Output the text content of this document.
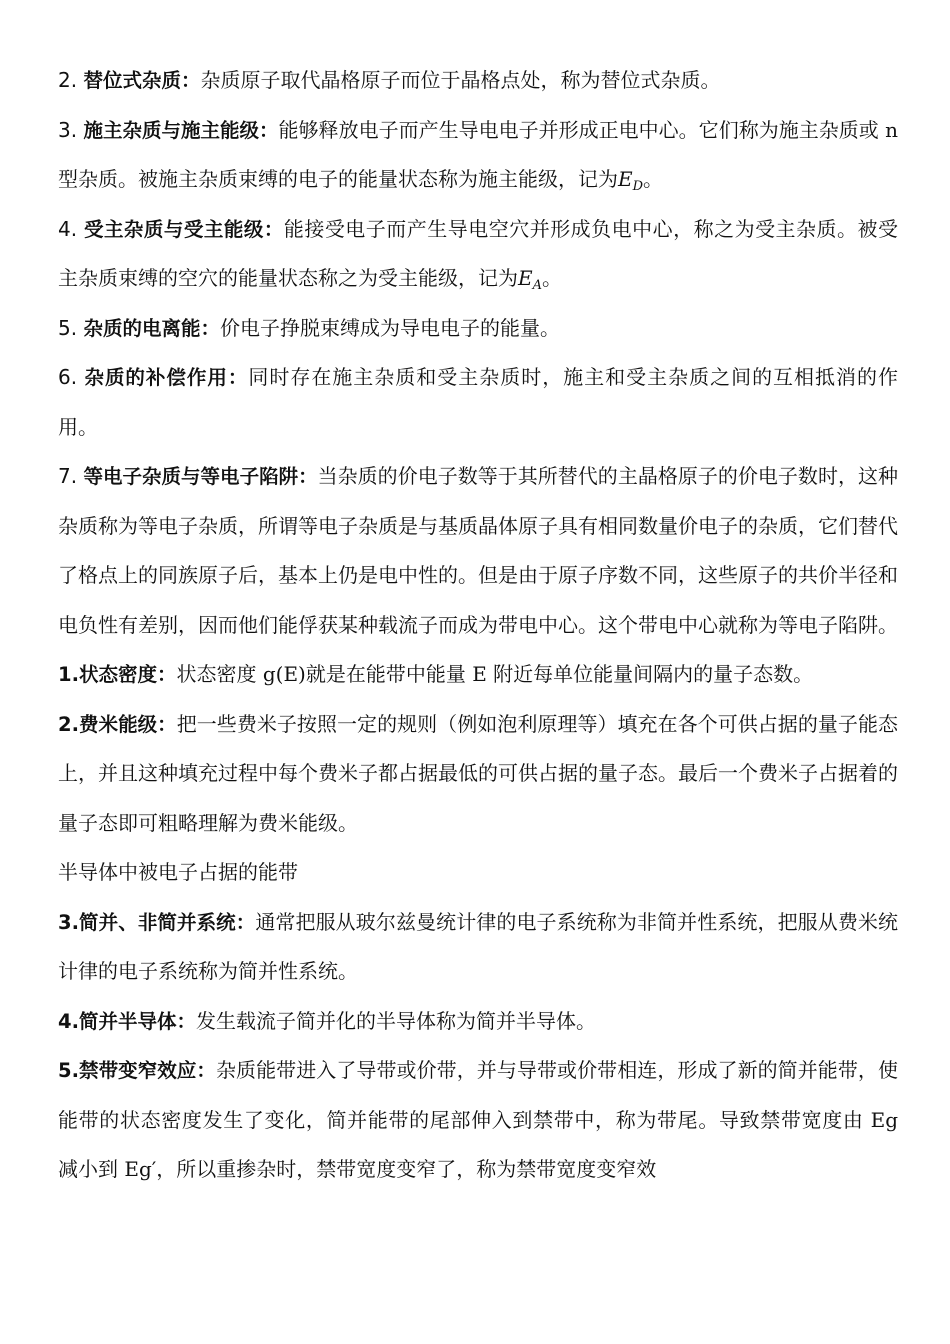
2. 替位式杂质：杂质原子取代晶格原子而位于晶格点处，称为替位式杂质。

3. 施主杂质与施主能级：能够释放电子而产生导电电子并形成正电中心。它们称为施主杂质或 n 型杂质。被施主杂质束缚的电子的能量状态称为施主能级，记为$E_D$。

4. 受主杂质与受主能级：能接受电子而产生导电空穴并形成负电中心，称之为受主杂质。被受主杂质束缚的空穴的能量状态称之为受主能级，记为$E_A$。

5. 杂质的电离能：价电子挣脱束缚成为导电电子的能量。

6. 杂质的补偿作用：同时存在施主杂质和受主杂质时，施主和受主杂质之间的互相抵消的作用。

7. 等电子杂质与等电子陷阱：当杂质的价电子数等于其所替代的主晶格原子的价电子数时，这种杂质称为等电子杂质，所谓等电子杂质是与基质晶体原子具有相同数量价电子的杂质，它们替代了格点上的同族原子后，基本上仍是电中性的。但是由于原子序数不同，这些原子的共价半径和电负性有差别，因而他们能俘获某种载流子而成为带电中心。这个带电中心就称为等电子陷阱。

1.状态密度：状态密度 g(E)就是在能带中能量 E 附近每单位能量间隔内的量子态数。

2.费米能级：把一些费米子按照一定的规则（例如泡利原理等）填充在各个可供占据的量子能态上，并且这种填充过程中每个费米子都占据最低的可供占据的量子态。最后一个费米子占据着的量子态即可粗略理解为费米能级。

半导体中被电子占据的能带

3.简并、非简并系统：通常把服从玻尔兹曼统计律的电子系统称为非简并性系统，把服从费米统计律的电子系统称为简并性系统。

4.简并半导体：发生载流子简并化的半导体称为简并半导体。

5.禁带变窄效应：杂质能带进入了导带或价带，并与导带或价带相连，形成了新的简并能带，使能带的状态密度发生了变化，简并能带的尾部伸入到禁带中，称为带尾。导致禁带宽度由 Eg 减小到 Eg′，所以重掺杂时，禁带宽度变窄了，称为禁带宽度变窄效
